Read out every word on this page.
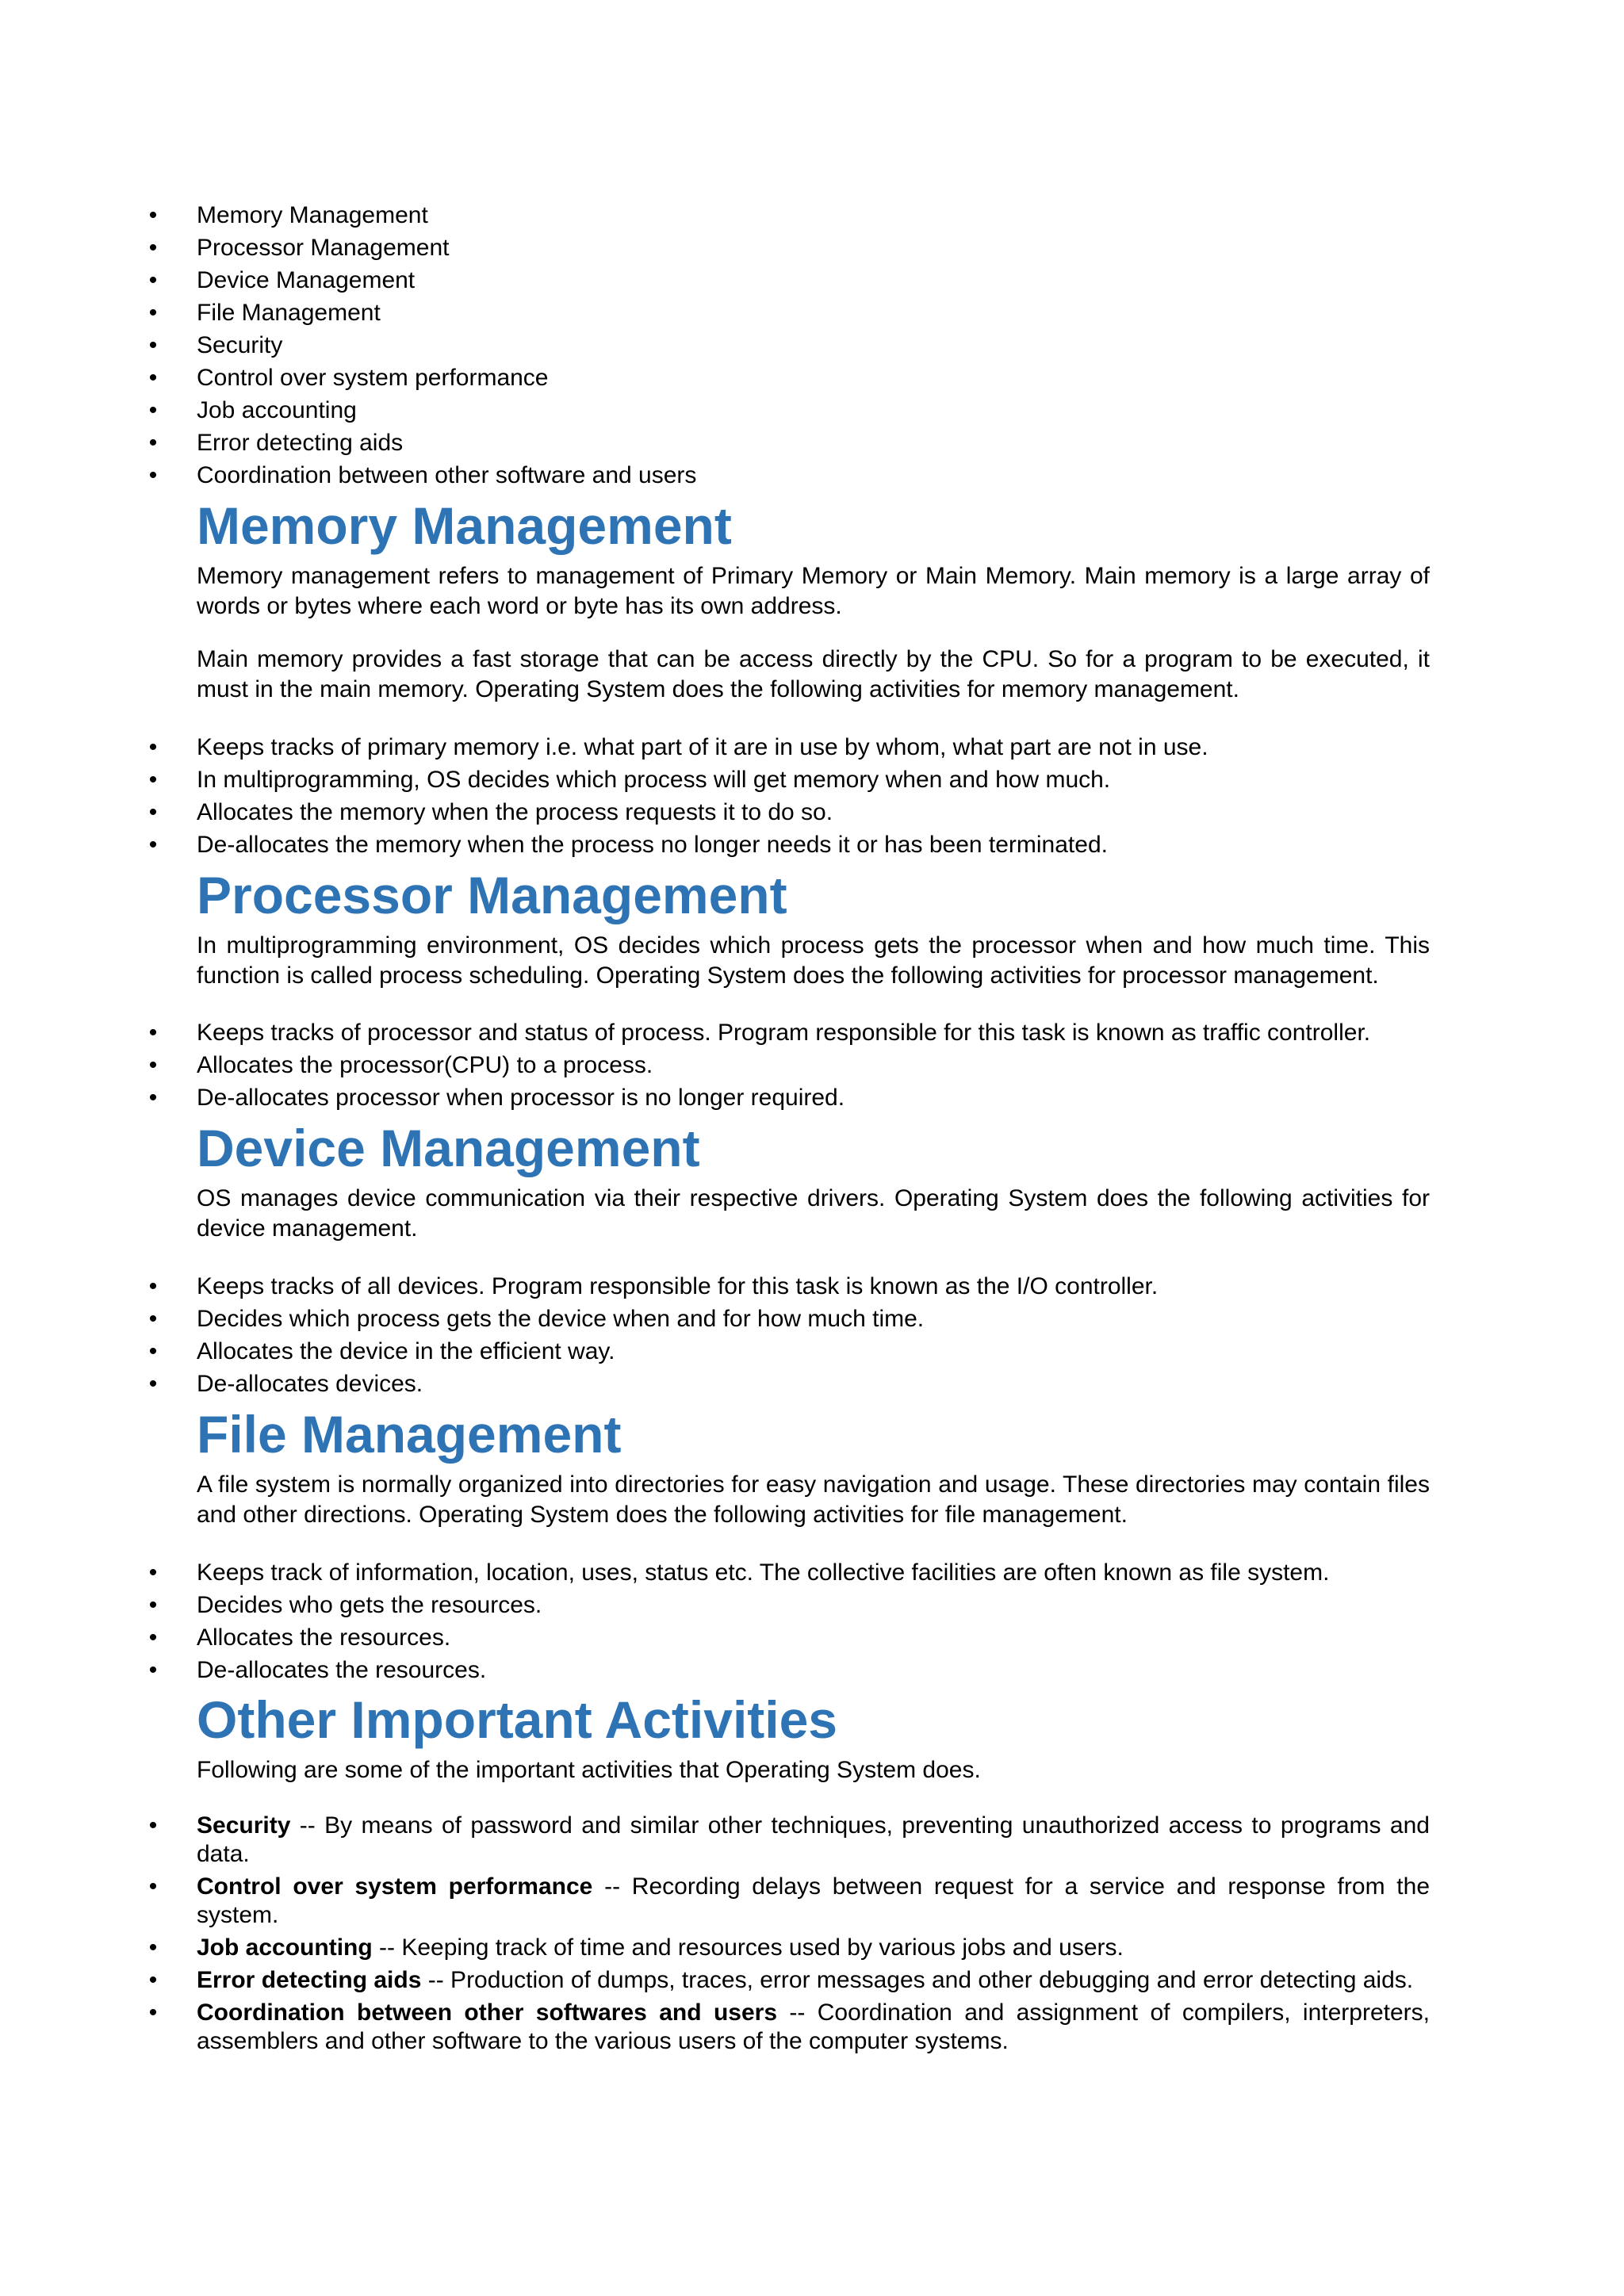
• Memory Management
• Processor Management
• Device Management
• File Management
• Security
• Control over system performance
• Job accounting
• Error detecting aids
• Coordination between other software and users
Memory Management

Memory management refers to management of Primary Memory or Main Memory. Main memory is a large array of words or bytes where each word or byte has its own address.

Main memory provides a fast storage that can be access directly by the CPU. So for a program to be executed, it must in the main memory. Operating System does the following activities for memory management.

• Keeps tracks of primary memory i.e. what part of it are in use by whom, what part are not in use.
• In multiprogramming, OS decides which process will get memory when and how much.
• Allocates the memory when the process requests it to do so.
• De-allocates the memory when the process no longer needs it or has been terminated.
Processor Management

In multiprogramming environment, OS decides which process gets the processor when and how much time. This function is called process scheduling. Operating System does the following activities for processor management.

• Keeps tracks of processor and status of process. Program responsible for this task is known as traffic controller.
• Allocates the processor(CPU) to a process.
• De-allocates processor when processor is no longer required.
Device Management

OS manages device communication via their respective drivers. Operating System does the following activities for device management.

• Keeps tracks of all devices. Program responsible for this task is known as the I/O controller.
• Decides which process gets the device when and for how much time.
• Allocates the device in the efficient way.
• De-allocates devices.
File Management

A file system is normally organized into directories for easy navigation and usage. These directories may contain files and other directions. Operating System does the following activities for file management.

• Keeps track of information, location, uses, status etc. The collective facilities are often known as file system.
• Decides who gets the resources.
• Allocates the resources.
• De-allocates the resources.
Other Important Activities

Following are some of the important activities that Operating System does.

• Security -- By means of password and similar other techniques, preventing unauthorized access to programs and data.
• Control over system performance -- Recording delays between request for a service and response from the system.
• Job accounting -- Keeping track of time and resources used by various jobs and users.
• Error detecting aids -- Production of dumps, traces, error messages and other debugging and error detecting aids.
• Coordination between other softwares and users -- Coordination and assignment of compilers, interpreters, assemblers and other software to the various users of the computer systems.
